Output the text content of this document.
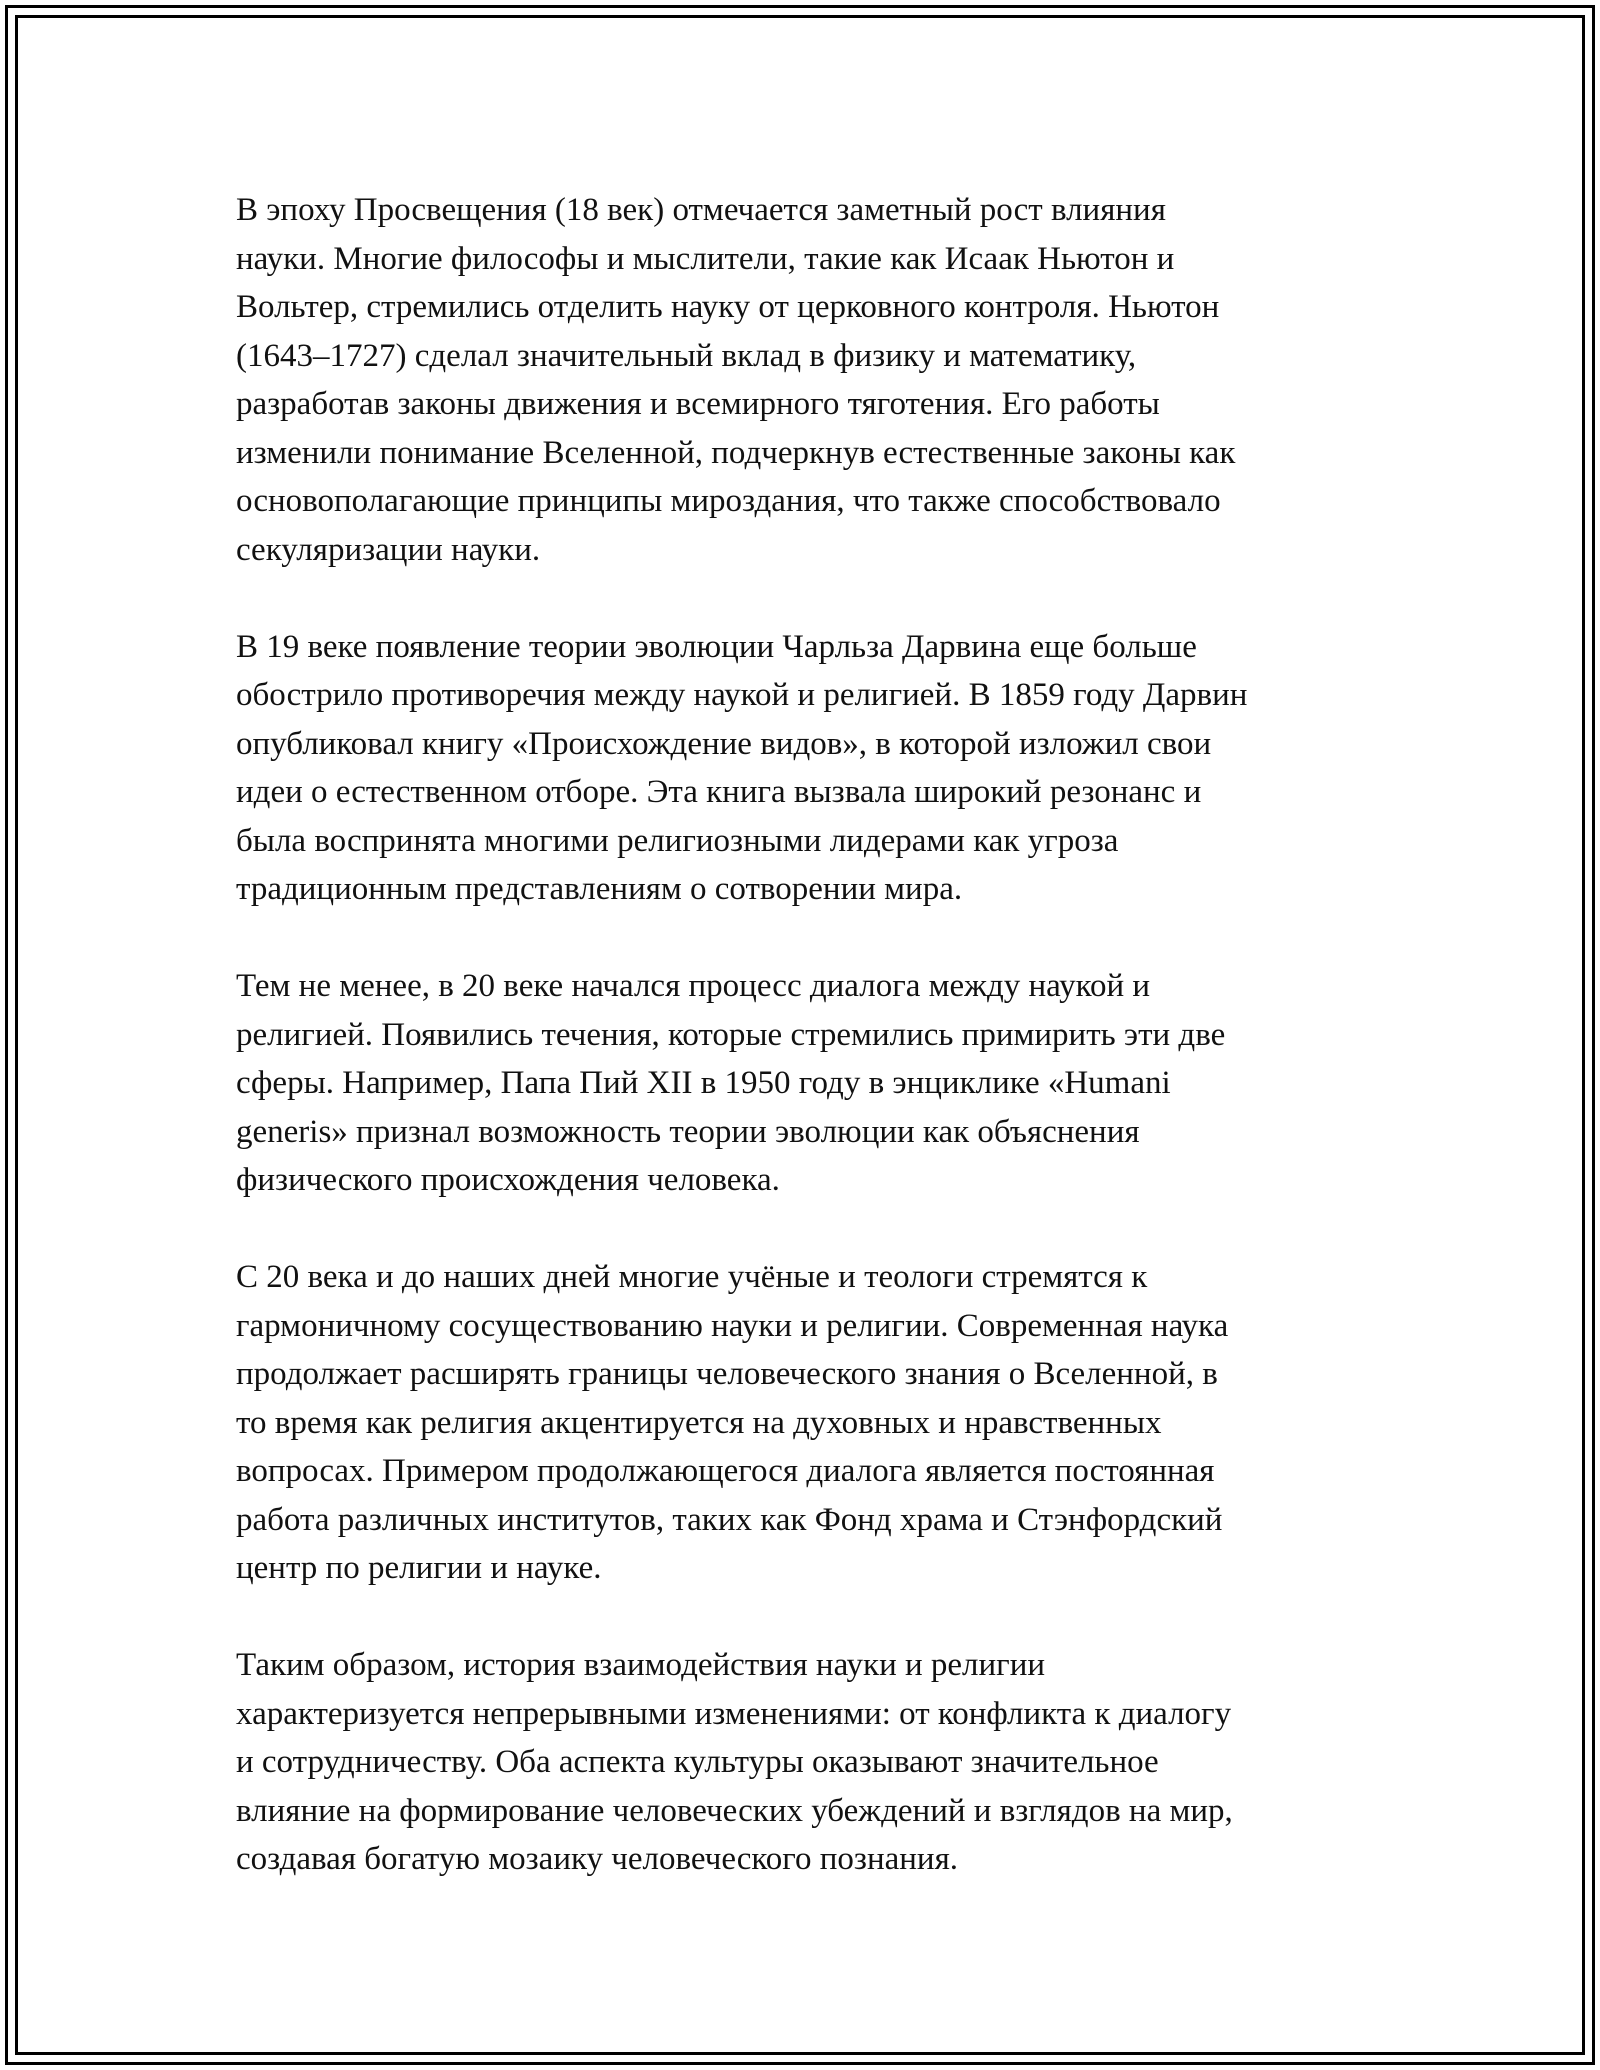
В эпоху Просвещения (18 век) отмечается заметный рост влияния
науки. Многие философы и мыслители, такие как Исаак Ньютон и
Вольтер, стремились отделить науку от церковного контроля. Ньютон
(1643–1727) сделал значительный вклад в физику и математику,
разработав законы движения и всемирного тяготения. Его работы
изменили понимание Вселенной, подчеркнув естественные законы как
основополагающие принципы мироздания, что также способствовало
секуляризации науки.

В 19 веке появление теории эволюции Чарльза Дарвина еще больше
обострило противоречия между наукой и религией. В 1859 году Дарвин
опубликовал книгу «Происхождение видов», в которой изложил свои
идеи о естественном отборе. Эта книга вызвала широкий резонанс и
была воспринята многими религиозными лидерами как угроза
традиционным представлениям о сотворении мира.

Тем не менее, в 20 веке начался процесс диалога между наукой и
религией. Появились течения, которые стремились примирить эти две
сферы. Например, Папа Пий XII в 1950 году в энциклике «Humani
generis» признал возможность теории эволюции как объяснения
физического происхождения человека.

С 20 века и до наших дней многие учёные и теологи стремятся к
гармоничному сосуществованию науки и религии. Современная наука
продолжает расширять границы человеческого знания о Вселенной, в
то время как религия акцентируется на духовных и нравственных
вопросах. Примером продолжающегося диалога является постоянная
работа различных институтов, таких как Фонд храма и Стэнфордский
центр по религии и науке.

Таким образом, история взаимодействия науки и религии
характеризуется непрерывными изменениями: от конфликта к диалогу
и сотрудничеству. Оба аспекта культуры оказывают значительное
влияние на формирование человеческих убеждений и взглядов на мир,
создавая богатую мозаику человеческого познания.
